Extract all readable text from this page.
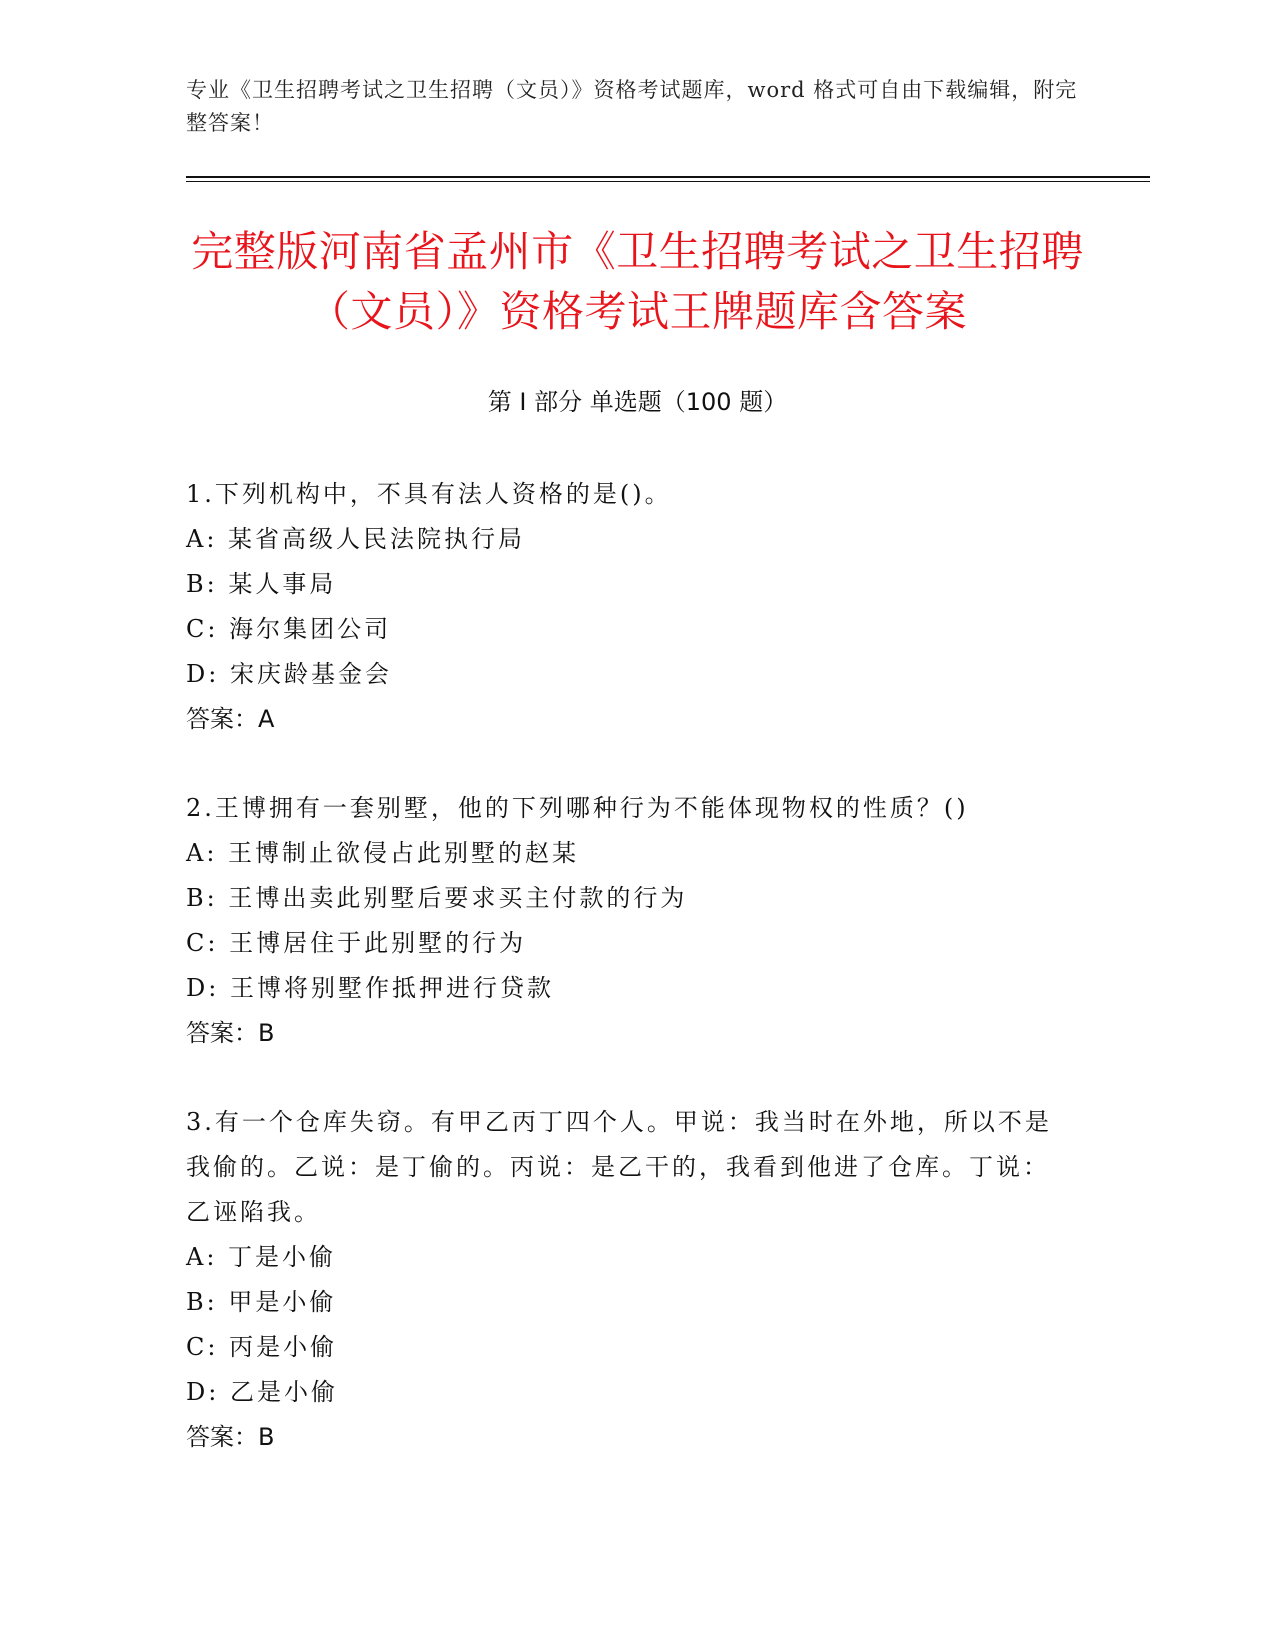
专业《卫生招聘考试之卫生招聘（文员）》资格考试题库，word 格式可自由下载编辑，附完整答案！
完整版河南省孟州市《卫生招聘考试之卫生招聘（文员）》资格考试王牌题库含答案
第 I 部分 单选题（100 题）
1.下列机构中，不具有法人资格的是()。
A: 某省高级人民法院执行局
B: 某人事局
C: 海尔集团公司
D: 宋庆龄基金会
答案：A
2.王博拥有一套别墅，他的下列哪种行为不能体现物权的性质？()
A: 王博制止欲侵占此别墅的赵某
B: 王博出卖此别墅后要求买主付款的行为
C: 王博居住于此别墅的行为
D: 王博将别墅作抵押进行贷款
答案：B
3.有一个仓库失窃。有甲乙丙丁四个人。甲说：我当时在外地，所以不是我偷的。乙说：是丁偷的。丙说：是乙干的，我看到他进了仓库。丁说：乙诬陷我。
A: 丁是小偷
B: 甲是小偷
C: 丙是小偷
D: 乙是小偷
答案：B
